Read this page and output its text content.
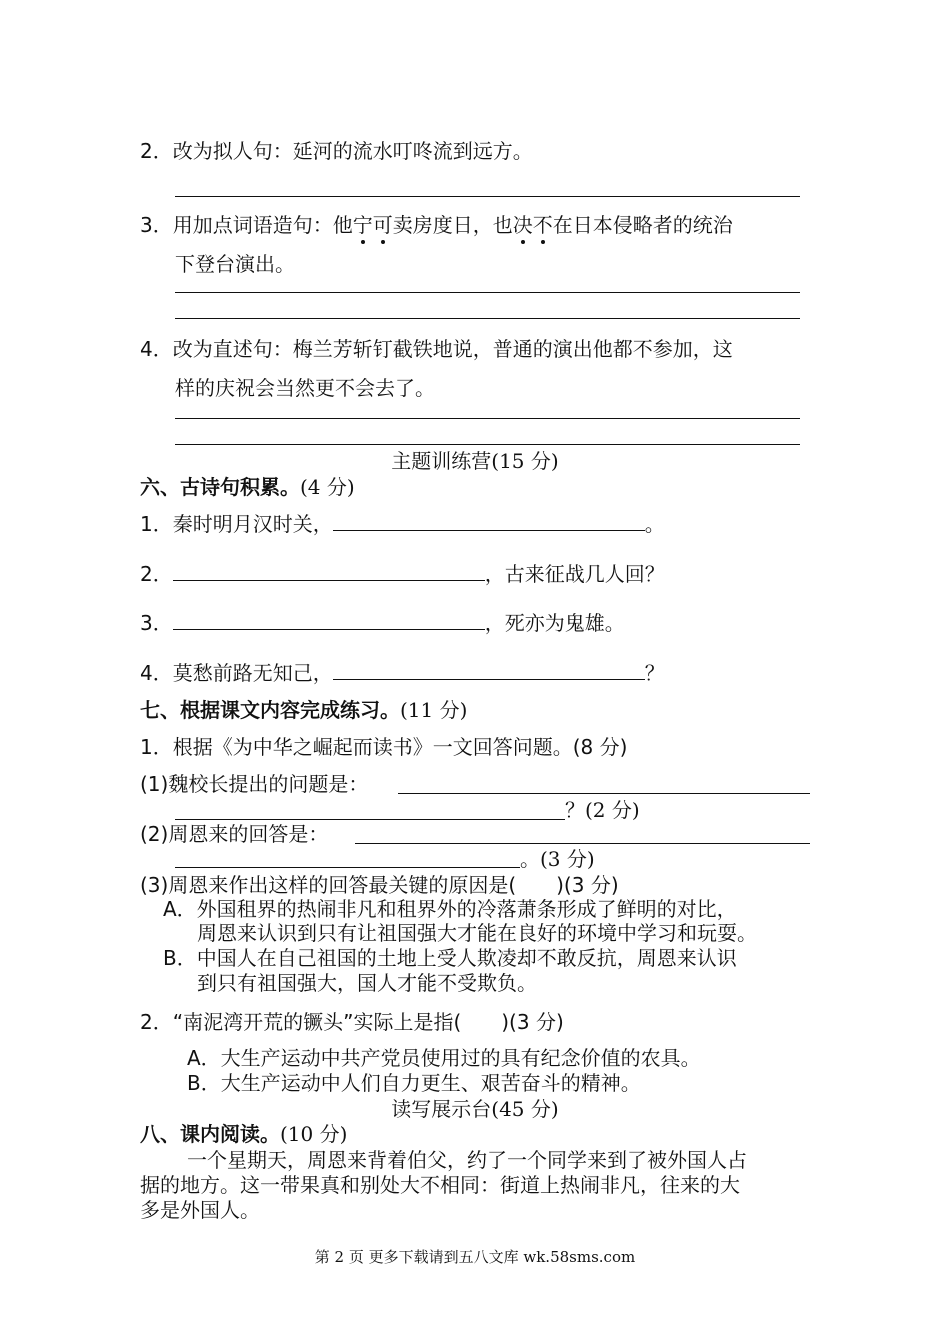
2．改为拟人句：延河的流水叮咚流到远方。
3．用加点词语造句：他宁可卖房度日，也决不在日本侵略者的统治
下登台演出。
4．改为直述句：梅兰芳斩钉截铁地说，普通的演出他都不参加，这
样的庆祝会当然更不会去了。
主题训练营(15 分)
六、古诗句积累。(4 分)
1．秦时明月汉时关，	。
2．	，古来征战几人回？
3．	，死亦为鬼雄。
4．莫愁前路无知己，	？
七、根据课文内容完成练习。(11 分)
1．根据《为中华之崛起而读书》一文回答问题。(8 分)
(1)魏校长提出的问题是：
？(2 分)
(2)周恩来的回答是：
。(3 分)
(3)周恩来作出这样的回答最关键的原因是(　　)(3 分)
A．外国租界的热闹非凡和租界外的冷落萧条形成了鲜明的对比，
周恩来认识到只有让祖国强大才能在良好的环境中学习和玩耍。
B．中国人在自己祖国的土地上受人欺凌却不敢反抗，周恩来认识
到只有祖国强大，国人才能不受欺负。
2．“南泥湾开荒的镢头”实际上是指(　　)(3 分)
A．大生产运动中共产党员使用过的具有纪念价值的农具。
B．大生产运动中人们自力更生、艰苦奋斗的精神。
读写展示台(45 分)
八、课内阅读。(10 分)
一个星期天，周恩来背着伯父，约了一个同学来到了被外国人占
据的地方。这一带果真和别处大不相同：街道上热闹非凡，往来的大
多是外国人。
第 2 页 更多下载请到五八文库 wk.58sms.com
